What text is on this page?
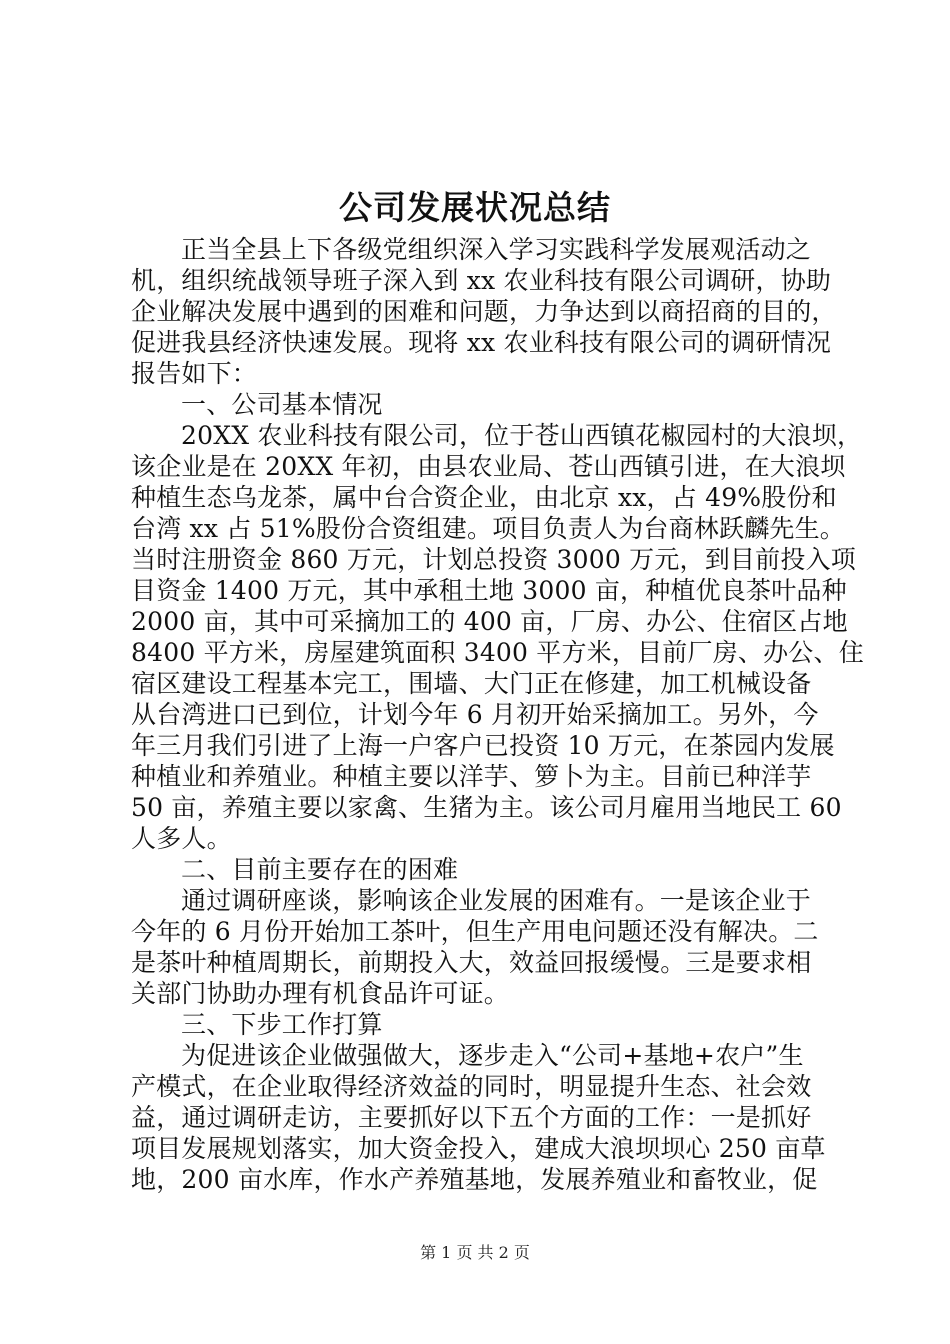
公司发展状况总结
正当全县上下各级党组织深入学习实践科学发展观活动之
机，组织统战领导班子深入到 xx 农业科技有限公司调研，协助
企业解决发展中遇到的困难和问题，力争达到以商招商的目的，
促进我县经济快速发展。现将 xx 农业科技有限公司的调研情况
报告如下：
一、公司基本情况
20XX 农业科技有限公司，位于苍山西镇花椒园村的大浪坝，
该企业是在 20XX 年初，由县农业局、苍山西镇引进，在大浪坝
种植生态乌龙茶，属中台合资企业，由北京 xx，占 49%股份和
台湾 xx 占 51%股份合资组建。项目负责人为台商林跃麟先生。
当时注册资金 860 万元，计划总投资 3000 万元，到目前投入项
目资金 1400 万元，其中承租土地 3000 亩，种植优良茶叶品种
2000 亩，其中可采摘加工的 400 亩，厂房、办公、住宿区占地
8400 平方米，房屋建筑面积 3400 平方米，目前厂房、办公、住
宿区建设工程基本完工，围墙、大门正在修建，加工机械设备
从台湾进口已到位，计划今年 6 月初开始采摘加工。另外，今
年三月我们引进了上海一户客户已投资 10 万元，在茶园内发展
种植业和养殖业。种植主要以洋芋、箩卜为主。目前已种洋芋
50 亩，养殖主要以家禽、生猪为主。该公司月雇用当地民工 60
人多人。
二、目前主要存在的困难
通过调研座谈，影响该企业发展的困难有。一是该企业于
今年的 6 月份开始加工茶叶，但生产用电问题还没有解决。二
是茶叶种植周期长，前期投入大，效益回报缓慢。三是要求相
关部门协助办理有机食品许可证。
三、下步工作打算
为促进该企业做强做大，逐步走入“公司+基地+农户”生
产模式，在企业取得经济效益的同时，明显提升生态、社会效
益，通过调研走访，主要抓好以下五个方面的工作：一是抓好
项目发展规划落实，加大资金投入，建成大浪坝坝心 250 亩草
地，200 亩水库，作水产养殖基地，发展养殖业和畜牧业，促
第 1 页 共 2 页
